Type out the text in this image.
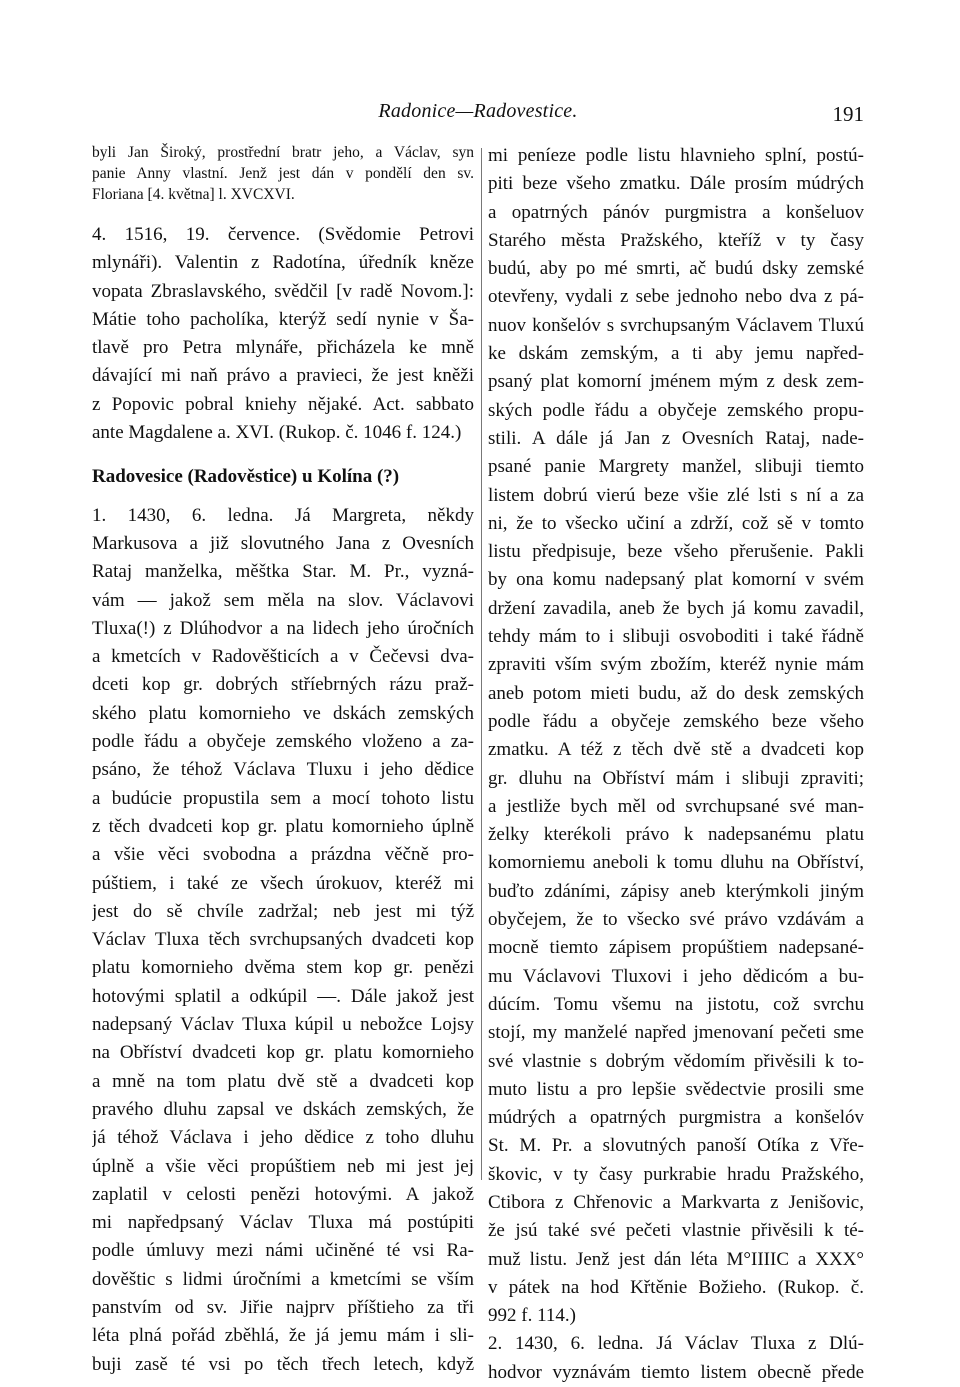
Radonice—Radovestice.	191
byli Jan Široký, prostřední bratr jeho, a Václav, syn
panie Anny vlastní. Jenž jest dán v pondělí den sv.
Floriana [4. května] l. XVCXVI.
4. 1516, 19. července. (Svědomie Petrovi
mlynáři). Valentin z Radotína, úředník kněze
vopata Zbraslavského, svědčil [v radě Novom.]:
Mátie toho pacholíka, kterýž sedí nynie v Ša-
tlavě pro Petra mlynáře, přicházela ke mně
dávající mi naň právo a pravieci, že jest kněži
z Popovic pobral kniehy nějaké. Act. sabbato
ante Magdalene a. XVI. (Rukop. č. 1046 f. 124.)
Radovesice (Radověstice) u Kolína (?)
1. 1430, 6. ledna. Já Margreta, někdy
Markusova a již slovutného Jana z Ovesních
Rataj manželka, měštka Star. M. Pr., vyzná-
vám — jakož sem měla na slov. Václavovi
Tluxa(!) z Dlúhodvor a na lidech jeho úročních
a kmetcích v Radověšticích a v Čečevsi dva-
dceti kop gr. dobrých stříebrných rázu praž-
ského platu komornieho ve dskách zemských
podle řádu a obyčeje zemského vloženo a za-
psáno, že téhož Václava Tluxu i jeho dědice
a budúcie propustila sem a mocí tohoto listu
z těch dvadceti kop gr. platu komornieho úplně
a všie věci svobodna a prázdna věčně pro-
púštiem, i také ze všech úrokuov, kteréž mi
jest do sě chvíle zadržal; neb jest mi týž
Václav Tluxa těch svrchupsaných dvadceti kop
platu komornieho dvěma stem kop gr. penězi
hotovými splatil a odkúpil —. Dále jakož jest
nadepsaný Václav Tluxa kúpil u nebožce Lojsy
na Obříství dvadceti kop gr. platu komornieho
a mně na tom platu dvě stě a dvadceti kop
pravého dluhu zapsal ve dskách zemských, že
já téhož Václava i jeho dědice z toho dluhu
úplně a všie věci propúštiem neb mi jest jej
zaplatil v celosti penězi hotovými. A jakož
mi napředpsaný Václav Tluxa má postúpiti
podle úmluvy mezi námi učiněné té vsi Ra-
dověštic s lidmi úročními a kmetcími se vším
panstvím od sv. Jiřie najprv příštieho za tři
léta plná pořád zběhlá, že já jemu mám i sli-
buji zasě té vsi po těch třech letech, když
mi peníeze podle listu hlavnieho splní, postú-
piti beze všeho zmatku. Dále prosím múdrých
a opatrných pánóv purgmistra a konšeluov
Starého města Pražského, kteříž v ty časy
budú, aby po mé smrti, ač budú dsky zemské
otevřeny, vydali z sebe jednoho nebo dva z pá-
nuov konšelóv s svrchupsaným Václavem Tluxú
ke dskám zemským, a ti aby jemu napřed-
psaný plat komorní jménem mým z desk zem-
ských podle řádu a obyčeje zemského propu-
stili. A dále já Jan z Ovesních Rataj, nade-
psané panie Margrety manžel, slibuji tiemto
listem dobrú vierú beze všie zlé lsti s ní a za
ni, že to všecko učiní a zdrží, což sě v tomto
listu předpisuje, beze všeho přerušenie. Pakli
by ona komu nadepsaný plat komorní v svém
držení zavadila, aneb že bych já komu zavadil,
tehdy mám to i slibuji osvoboditi i také řádně
zpraviti vším svým zbožím, kteréž nynie mám
aneb potom mieti budu, až do desk zemských
podle řádu a obyčeje zemského beze všeho
zmatku. A též z těch dvě stě a dvadceti kop
gr. dluhu na Obříství mám i slibuji zpraviti;
a jestliže bych měl od svrchupsané své man-
želky kterékoli právo k nadepsanému platu
komorniemu aneboli k tomu dluhu na Obříství,
buďto zdáními, zápisy aneb kterýmkoli jiným
obyčejem, že to všecko své právo vzdávám a
mocně tiemto zápisem propúštiem nadepsané-
mu Václavovi Tluxovi i jeho dědicóm a bu-
dúcím. Tomu všemu na jistotu, což svrchu
stojí, my manželé napřed jmenovaní pečeti sme
své vlastnie s dobrým vědomím přivěsili k to-
muto listu a pro lepšie svědectvie prosili sme
múdrých a opatrných purgmistra a konšelóv
St. M. Pr. a slovutných panoší Otíka z Vře-
škovic, v ty časy purkrabie hradu Pražského,
Ctibora z Chřenovic a Markvarta z Jenišovic,
že jsú také své pečeti vlastnie přivěsili k té-
muž listu. Jenž jest dán léta M°IIIIC a XXX°
v pátek na hod Křtěnie Božieho. (Rukop. č.
992 f. 114.)
2. 1430, 6. ledna. Já Václav Tluxa z Dlú-
hodvor vyznávám tiemto listem obecně přede
